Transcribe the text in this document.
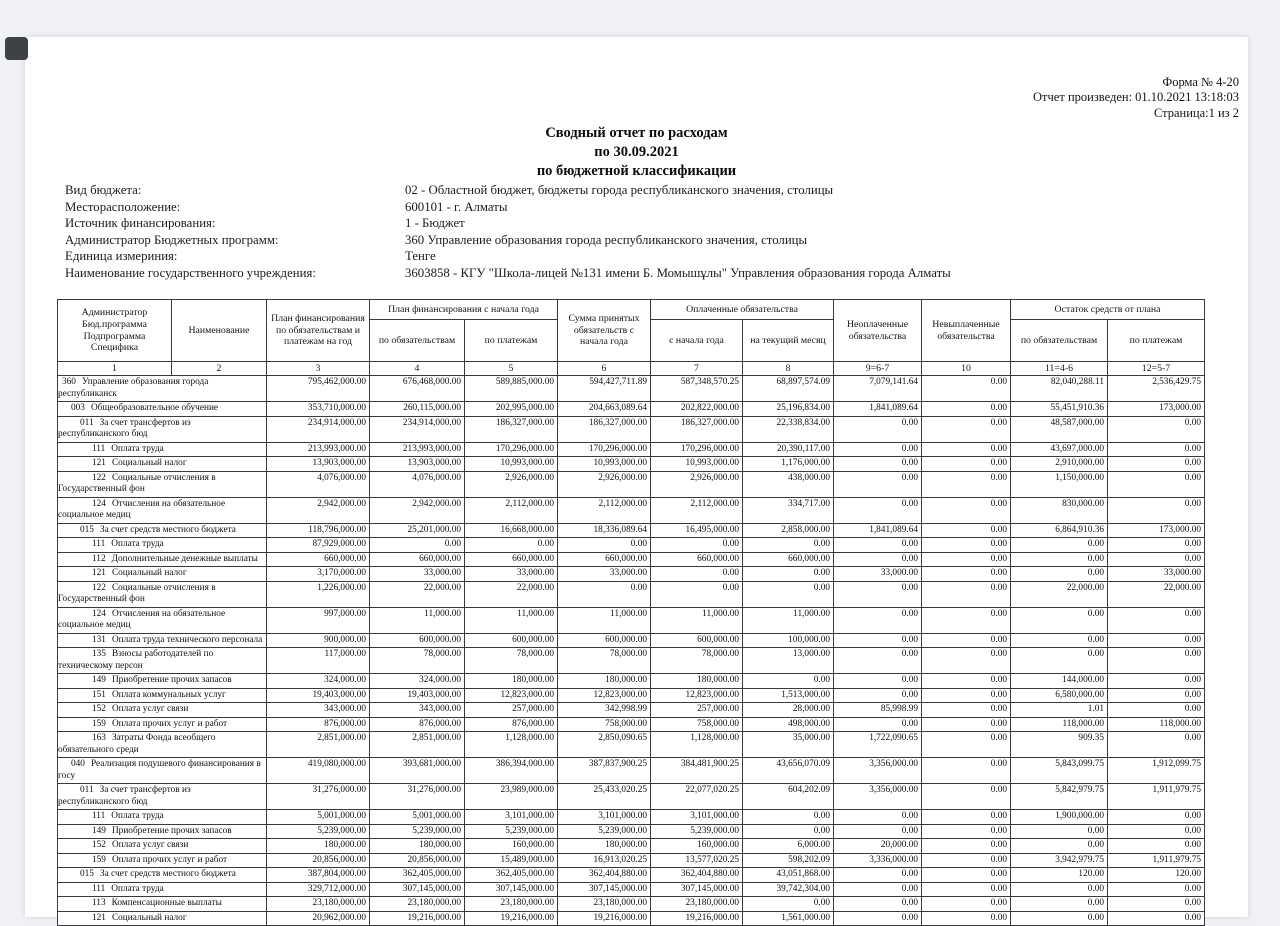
Форма № 4-20
Отчет произведен: 01.10.2021 13:18:03
Страница:1 из 2
Сводный отчет по расходам
по 30.09.2021
по бюджетной классификации
Вид бюджета:	02 - Областной бюджет, бюджеты города республиканского значения, столицы
Месторасположение:	600101 - г. Алматы
Источник финансирования:	1 - Бюджет
Администратор Бюджетных программ:	360 Управление образования города республиканского значения, столицы
Единица измериния:	Тенге
Наименование государственного учреждения:	3603858 - КГУ "Школа-лицей №131 имени Б. Момышұлы" Управления образования города Алматы
Администратор Бюд.программа Подпрограмма Специфика	Наименование	План финансирования по обязательствам и платежам на год	План финансирования с начала года		Сумма принятых обязательств с начала года	Оплаченные обязательства		Неоплаченные обязательства	Невыплаченные обязательства	Остаток средств от плана	
			по обязательствам	по платежам		с начала года	на текущий месяц			по обязательствам	по платежам
1	2	3	4	5	6	7	8	9=6-7	10	11=4-6	12=5-7
360 Управление образования города республиканск		795,462,000.00	676,468,000.00	589,885,000.00	594,427,711.89	587,348,570.25	68,897,574.09	7,079,141.64	0.00	82,040,288.11	2,536,429.75
003 Общеобразовательное обучение		353,710,000.00	260,115,000.00	202,995,000.00	204,663,089.64	202,822,000.00	25,196,834.00	1,841,089.64	0.00	55,451,910.36	173,000.00
011 За счет трансфертов из республиканского бюд		234,914,000.00	234,914,000.00	186,327,000.00	186,327,000.00	186,327,000.00	22,338,834.00	0.00	0.00	48,587,000.00	0.00
111 Оплата труда		213,993,000.00	213,993,000.00	170,296,000.00	170,296,000.00	170,296,000.00	20,390,117.00	0.00	0.00	43,697,000.00	0.00
121 Социальный налог		13,903,000.00	13,903,000.00	10,993,000.00	10,993,000.00	10,993,000.00	1,176,000.00	0.00	0.00	2,910,000.00	0.00
122 Социальные отчисления в Государственный фон		4,076,000.00	4,076,000.00	2,926,000.00	2,926,000.00	2,926,000.00	438,000.00	0.00	0.00	1,150,000.00	0.00
124 Отчисления на обязательное социальное медиц		2,942,000.00	2,942,000.00	2,112,000.00	2,112,000.00	2,112,000.00	334,717.00	0.00	0.00	830,000.00	0.00
015 За счет средств местного бюджета		118,796,000.00	25,201,000.00	16,668,000.00	18,336,089.64	16,495,000.00	2,858,000.00	1,841,089.64	0.00	6,864,910.36	173,000.00
111 Оплата труда		87,929,000.00	0.00	0.00	0.00	0.00	0.00	0.00	0.00	0.00	0.00
112 Дополнительные денежные выплаты		660,000.00	660,000.00	660,000.00	660,000.00	660,000.00	660,000.00	0.00	0.00	0.00	0.00
121 Социальный налог		3,170,000.00	33,000.00	33,000.00	33,000.00	0.00	0.00	33,000.00	0.00	0.00	33,000.00
122 Социальные отчисления в Государственный фон		1,226,000.00	22,000.00	22,000.00	0.00	0.00	0.00	0.00	0.00	22,000.00	22,000.00
124 Отчисления на обязательное социальное медиц		997,000.00	11,000.00	11,000.00	11,000.00	11,000.00	11,000.00	0.00	0.00	0.00	0.00
131 Оплата труда технического персонала		900,000.00	600,000.00	600,000.00	600,000.00	600,000.00	100,000.00	0.00	0.00	0.00	0.00
135 Взносы работодателей по техническому персон		117,000.00	78,000.00	78,000.00	78,000.00	78,000.00	13,000.00	0.00	0.00	0.00	0.00
149 Приобретение прочих запасов		324,000.00	324,000.00	180,000.00	180,000.00	180,000.00	0.00	0.00	0.00	144,000.00	0.00
151 Оплата коммунальных услуг		19,403,000.00	19,403,000.00	12,823,000.00	12,823,000.00	12,823,000.00	1,513,000.00	0.00	0.00	6,580,000.00	0.00
152 Оплата услуг связи		343,000.00	343,000.00	257,000.00	342,998.99	257,000.00	28,000.00	85,998.99	0.00	1.01	0.00
159 Оплата прочих услуг и работ		876,000.00	876,000.00	876,000.00	758,000.00	758,000.00	498,000.00	0.00	0.00	118,000.00	118,000.00
163 Затраты Фонда всеобщего обязательного среди		2,851,000.00	2,851,000.00	1,128,000.00	2,850,090.65	1,128,000.00	35,000.00	1,722,090.65	0.00	909.35	0.00
040 Реализация подушевого финансирования в госу		419,080,000.00	393,681,000.00	386,394,000.00	387,837,900.25	384,481,900.25	43,656,070.09	3,356,000.00	0.00	5,843,099.75	1,912,099.75
011 За счет трансфертов из республиканского бюд		31,276,000.00	31,276,000.00	23,989,000.00	25,433,020.25	22,077,020.25	604,202.09	3,356,000.00	0.00	5,842,979.75	1,911,979.75
111 Оплата труда		5,001,000.00	5,001,000.00	3,101,000.00	3,101,000.00	3,101,000.00	0.00	0.00	0.00	1,900,000.00	0.00
149 Приобретение прочих запасов		5,239,000.00	5,239,000.00	5,239,000.00	5,239,000.00	5,239,000.00	0.00	0.00	0.00	0.00	0.00
152 Оплата услуг связи		180,000.00	180,000.00	160,000.00	180,000.00	160,000.00	6,000.00	20,000.00	0.00	0.00	0.00
159 Оплата прочих услуг и работ		20,856,000.00	20,856,000.00	15,489,000.00	16,913,020.25	13,577,020.25	598,202.09	3,336,000.00	0.00	3,942,979.75	1,911,979.75
015 За счет средств местного бюджета		387,804,000.00	362,405,000.00	362,405,000.00	362,404,880.00	362,404,880.00	43,051,868.00	0.00	0.00	120.00	120.00
111 Оплата труда		329,712,000.00	307,145,000.00	307,145,000.00	307,145,000.00	307,145,000.00	39,742,304.00	0.00	0.00	0.00	0.00
113 Компенсационные выплаты		23,180,000.00	23,180,000.00	23,180,000.00	23,180,000.00	23,180,000.00	0.00	0.00	0.00	0.00	0.00
121 Социальный налог		20,962,000.00	19,216,000.00	19,216,000.00	19,216,000.00	19,216,000.00	1,561,000.00	0.00	0.00	0.00	0.00
